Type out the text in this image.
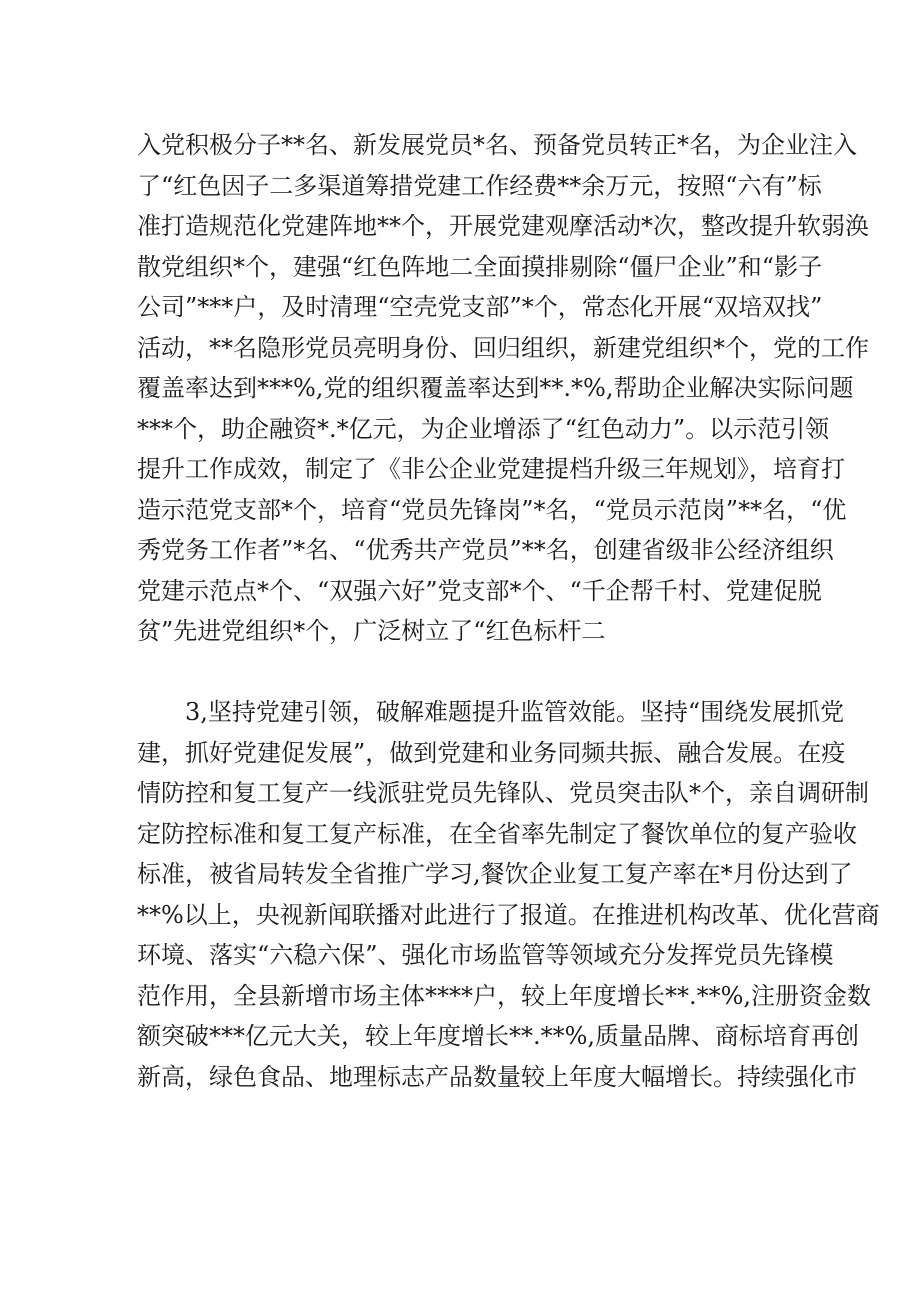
入党积极分子**名、新发展党员*名、预备党员转正*名，为企业注入
了“红色因子二多渠道筹措党建工作经费**余万元，按照“六有”标
准打造规范化党建阵地**个，开展党建观摩活动*次，整改提升软弱涣
散党组织*个，建强“红色阵地二全面摸排剔除“僵尸企业”和“影子
公司”***户，及时清理“空壳党支部”*个，常态化开展“双培双找”
活动，**名隐形党员亮明身份、回归组织，新建党组织*个，党的工作
覆盖率达到***%,党的组织覆盖率达到**.*%,帮助企业解决实际问题
***个，助企融资*.*亿元，为企业增添了“红色动力”。以示范引领
提升工作成效，制定了《非公企业党建提档升级三年规划》，培育打
造示范党支部*个，培育“党员先锋岗”*名，“党员示范岗”**名，“优
秀党务工作者”*名、“优秀共产党员”**名，创建省级非公经济组织
党建示范点*个、“双强六好”党支部*个、“千企帮千村、党建促脱
贫”先进党组织*个，广泛树立了“红色标杆二
3,坚持党建引领，破解难题提升监管效能。坚持“围绕发展抓党
建，抓好党建促发展”，做到党建和业务同频共振、融合发展。在疫
情防控和复工复产一线派驻党员先锋队、党员突击队*个，亲自调研制
定防控标准和复工复产标准，在全省率先制定了餐饮单位的复产验收
标准，被省局转发全省推广学习,餐饮企业复工复产率在*月份达到了
**%以上，央视新闻联播对此进行了报道。在推进机构改革、优化营商
环境、落实“六稳六保”、强化市场监管等领域充分发挥党员先锋模
范作用，全县新增市场主体****户，较上年度增长**.**%,注册资金数
额突破***亿元大关，较上年度增长**.**%,质量品牌、商标培育再创
新高，绿色食品、地理标志产品数量较上年度大幅增长。持续强化市
